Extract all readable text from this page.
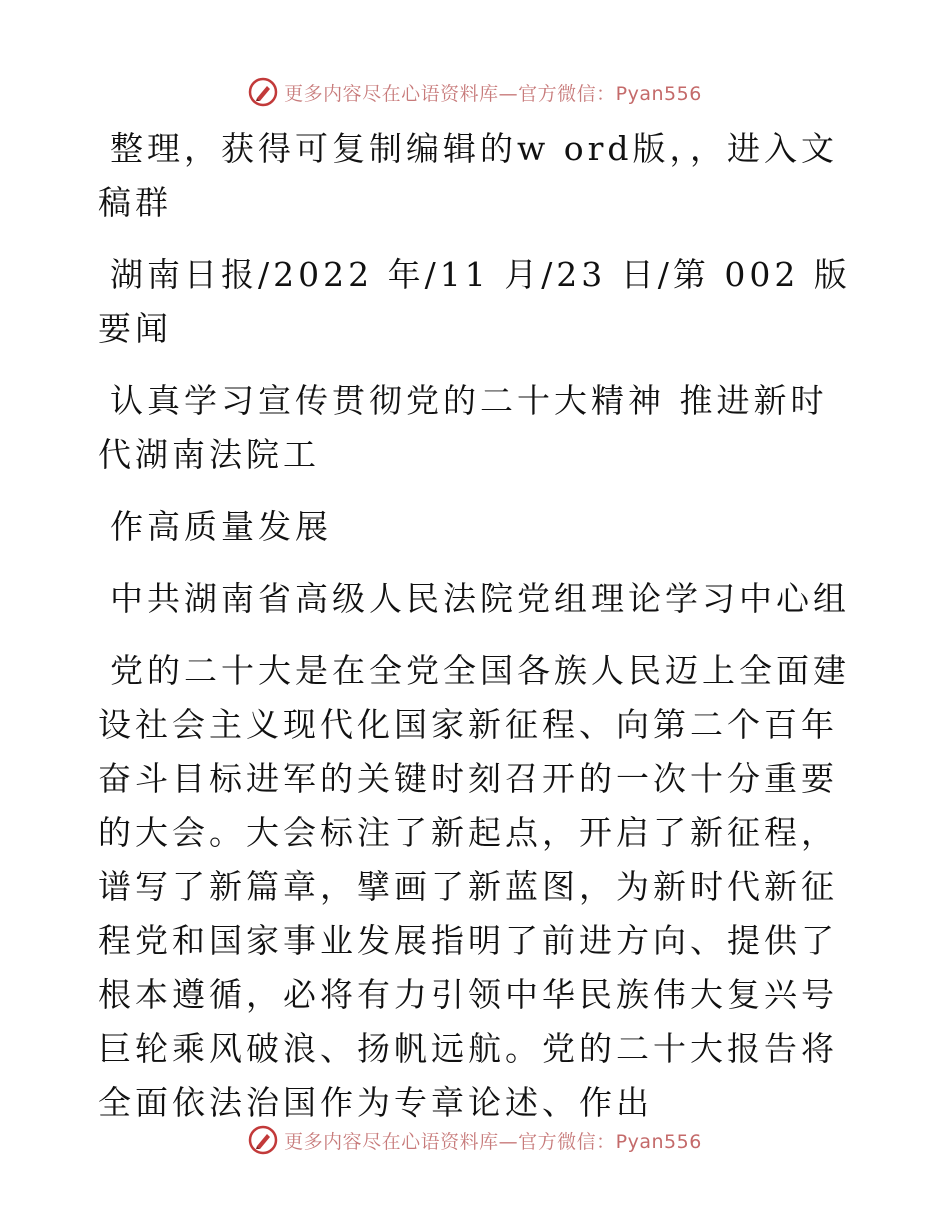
更多内容尽在心语资料库—官方微信：Pyan556

整理，获得可复制编辑的w ord版，，进入文稿群

湖南日报/2022 年/11 月/23 日/第 002 版要闻

认真学习宣传贯彻党的二十大精神 推进新时代湖南法院工

作高质量发展

中共湖南省高级人民法院党组理论学习中心组

党的二十大是在全党全国各族人民迈上全面建设社会主义现代化国家新征程、向第二个百年奋斗目标进军的关键时刻召开的一次十分重要的大会。大会标注了新起点，开启了新征程，谱写了新篇章，擘画了新蓝图，为新时代新征程党和国家事业发展指明了前进方向、提供了根本遵循，必将有力引领中华民族伟大复兴号巨轮乘风破浪、扬帆远航。党的二十大报告将全面依法治国作为专章论述、作出

更多内容尽在心语资料库—官方微信：Pyan556
